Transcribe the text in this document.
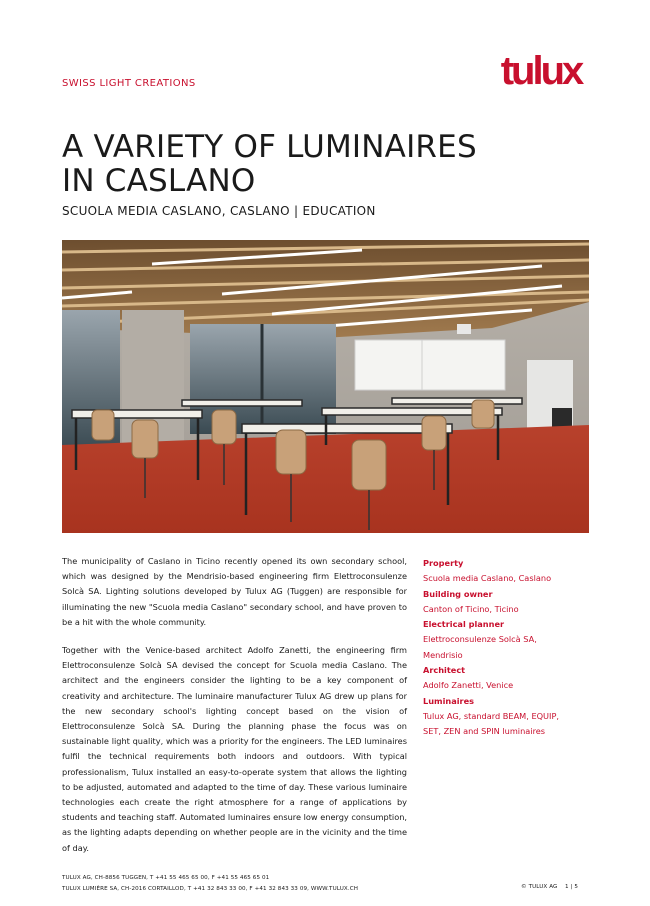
SWISS LIGHT CREATIONS	tulux
A VARIETY OF LUMINAIRES
IN CASLANO
SCUOLA MEDIA CASLANO, CASLANO | EDUCATION

The municipality of Caslano in Ticino recently opened its own secondary school, which was designed by the Mendrisio-based engineering firm Elettroconsulenze Solcà SA. Lighting solutions developed by Tulux AG (Tuggen) are responsible for illuminating the new "Scuola media Caslano" secondary school, and have proven to be a hit with the whole community.

Together with the Venice-based architect Adolfo Zanetti, the engineering firm Elettroconsulenze Solcà SA devised the concept for Scuola media Caslano. The architect and the engineers consider the lighting to be a key component of creativity and architecture. The luminaire manufacturer Tulux AG drew up plans for the new secondary school's lighting concept based on the vision of Elettroconsulenze Solcà SA. During the planning phase the focus was on sustainable light quality, which was a priority for the engineers. The LED luminaires fulfil the technical requirements both indoors and outdoors. With typical professionalism, Tulux installed an easy-to-operate system that allows the lighting to be adjusted, automated and adapted to the time of day. These various luminaire technologies each create the right atmosphere for a range of applications by students and teaching staff. Automated luminaires ensure low energy consumption, as the lighting adapts depending on whether people are in the vicinity and the time of day.

Property
Scuola media Caslano, Caslano
Building owner
Canton of Ticino, Ticino
Electrical planner
Elettroconsulenze Solcà SA,
Mendrisio
Architect
Adolfo Zanetti, Venice
Luminaires
Tulux AG, standard BEAM, EQUIP,
SET, ZEN and SPIN luminaires
TULUX AG, CH-8856 TUGGEN, T +41 55 465 65 00, F +41 55 465 65 01
TULUX LUMIÈRE SA, CH-2016 CORTAILLOD, T +41 32 843 33 00, F +41 32 843 33 09, WWW.TULUX.CH	© TULUX AG 1 | 5
